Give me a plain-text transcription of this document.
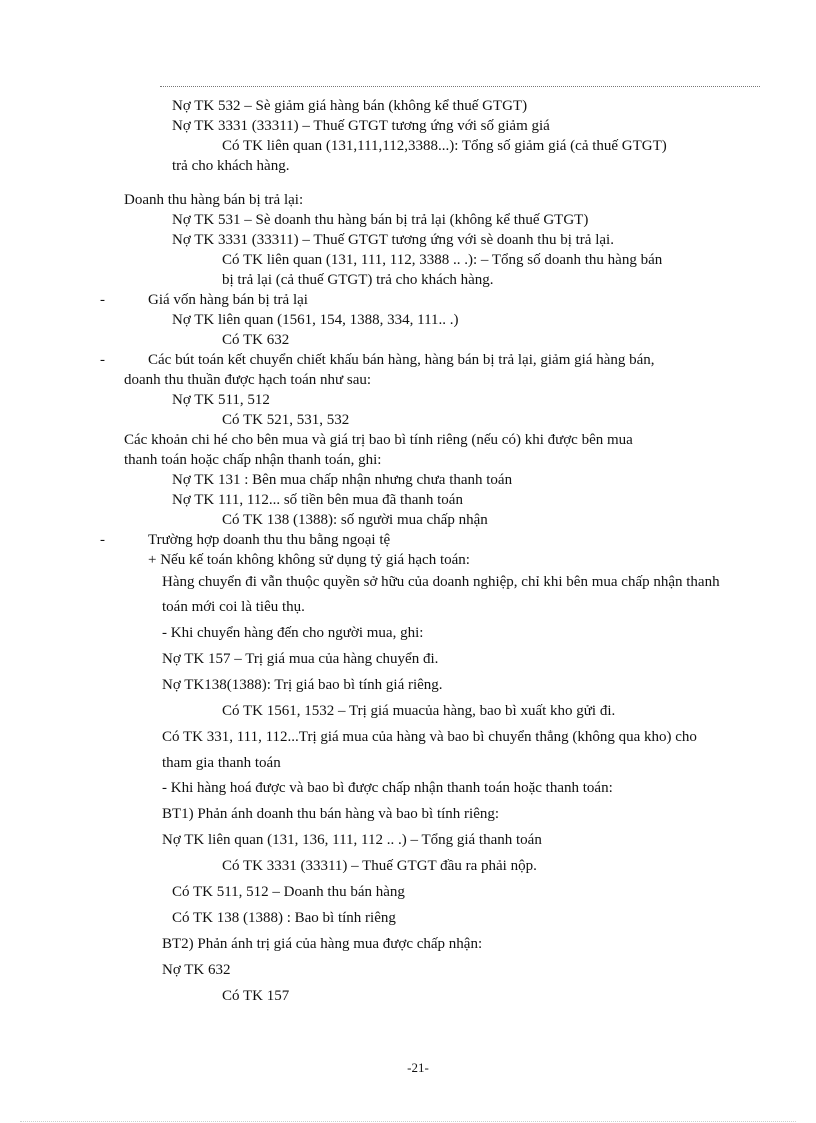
Nợ TK 532 – Sè giảm giá hàng bán (không kể thuế GTGT)
Nợ TK 3331 (33311) – Thuế GTGT tương ứng với số giảm giá
Có TK liên quan (131,111,112,3388...): Tổng số giảm giá (cả thuế GTGT)
trả cho khách hàng.
Doanh thu hàng bán bị trả lại:
Nợ TK 531 – Sè doanh thu hàng bán bị trả lại (không kể thuế GTGT)
Nợ TK 3331 (33311) – Thuế GTGT tương ứng với sè doanh thu bị trả lại.
Có TK liên quan (131, 111, 112, 3388 .. .): – Tổng số doanh thu hàng bán
bị trả lại (cả thuế GTGT) trả cho khách hàng.
-	Giá vốn hàng bán bị trả lại
Nợ TK liên quan (1561, 154, 1388, 334, 111.. .)
Có TK 632
-	Các bút toán kết chuyển chiết khấu bán hàng, hàng bán bị trả lại, giảm giá hàng bán,
doanh thu thuần được hạch toán như sau:
Nợ TK 511, 512
Có TK 521, 531, 532
Các khoản chi hé cho bên mua và giá trị bao bì tính riêng (nếu có) khi được bên mua
thanh toán hoặc chấp nhận thanh toán, ghi:
Nợ TK 131 : Bên mua chấp nhận nhưng chưa thanh toán
Nợ TK 111, 112... số tiền bên mua đã thanh toán
Có TK 138 (1388): số người mua chấp nhận
-	Trường hợp doanh thu thu bằng ngoại tệ
+ Nếu kế toán không không sử dụng tỷ giá hạch toán:
Hàng chuyển đi vẫn thuộc quyền sở hữu của doanh nghiệp, chỉ khi bên mua chấp nhận thanh
toán mới coi là tiêu thụ.
- Khi chuyển hàng đến cho người mua, ghi:
Nợ TK 157 – Trị giá mua của hàng chuyển đi.
Nợ TK138(1388): Trị giá bao bì tính giá riêng.
Có TK 1561, 1532 – Trị giá muacủa hàng, bao bì xuất kho gửi đi.
Có TK 331, 111, 112...Trị giá mua của hàng và bao bì chuyển thẳng (không qua kho) cho
tham gia thanh toán
- Khi hàng hoá được và bao bì được chấp nhận thanh toán hoặc thanh toán:
BT1) Phản ánh doanh thu bán hàng và bao bì tính riêng:
Nợ TK liên quan (131, 136, 111, 112 .. .) – Tổng giá thanh toán
Có TK 3331 (33311) – Thuế GTGT đầu ra phải nộp.
Có TK 511, 512 – Doanh thu bán hàng
Có TK 138 (1388) : Bao bì tính riêng
BT2) Phản ánh trị giá của hàng mua được chấp nhận:
Nợ TK 632
Có TK 157
-21-
